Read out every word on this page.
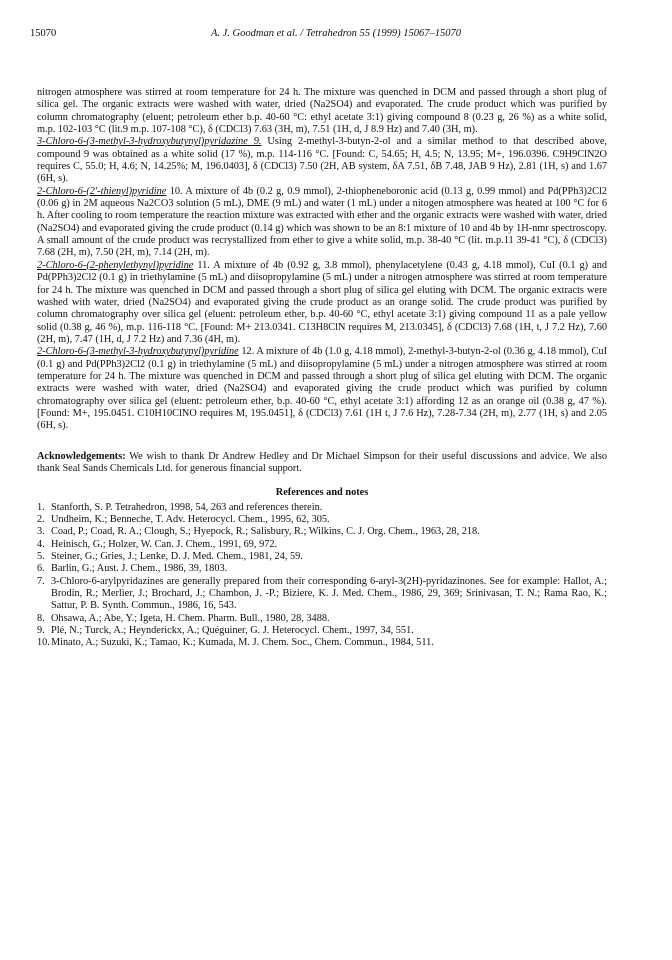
15070	A. J. Goodman et al. / Tetrahedron 55 (1999) 15067–15070

nitrogen atmosphere was stirred at room temperature for 24 h. The mixture was quenched in DCM and passed through a short plug of silica gel. The organic extracts were washed with water, dried (Na2SO4) and evaporated. The crude product which was purified by column chromatography (eluent; petroleum ether b.p. 40-60 °C: ethyl acetate 3:1) giving compound 8 (0.23 g, 26 %) as a white solid, m.p. 102-103 °C (lit.9 m.p. 107-108 °C), δ (CDCl3) 7.63 (3H, m), 7.51 (1H, d, J 8.9 Hz) and 7.40 (3H, m).

3-Chloro-6-(3-methyl-3-hydroxybutynyl)pyridazine 9. Using 2-methyl-3-butyn-2-ol and a similar method to that described above, compound 9 was obtained as a white solid (17 %), m.p. 114-116 °C. [Found: C, 54.65; H, 4.5; N, 13.95; M+, 196.0396. C9H9ClN2O requires C, 55.0; H, 4.6; N, 14.25%; M, 196.0403], δ (CDCl3) 7.50 (2H, AB system, δA 7.51, δB 7.48, JAB 9 Hz), 2.81 (1H, s) and 1.67 (6H, s).

2-Chloro-6-(2'-thienyl)pyridine 10. A mixture of 4b (0.2 g, 0.9 mmol), 2-thiopheneboronic acid (0.13 g, 0.99 mmol) and Pd(PPh3)2Cl2 (0.06 g) in 2M aqueous Na2CO3 solution (5 mL), DME (9 mL) and water (1 mL) under a nitogen atmosphere was heated at 100 °C for 6 h. After cooling to room temperature the reaction mixture was extracted with ether and the organic extracts were washed with water, dried (Na2SO4) and evaporated giving the crude product (0.14 g) which was shown to be an 8:1 mixture of 10 and 4b by 1H-nmr spectroscopy. A small amount of the crude product was recrystallized from ether to give a white solid, m.p. 38-40 °C (lit. m.p.11 39-41 °C), δ (CDCl3) 7.68 (2H, m), 7.50 (2H, m), 7.14 (2H, m).

2-Chloro-6-(2-phenylethynyl)pyridine 11. A mixture of 4b (0.92 g, 3.8 mmol), phenylacetylene (0.43 g, 4.18 mmol), CuI (0.1 g) and Pd(PPh3)2Cl2 (0.1 g) in triethylamine (5 mL) and diisopropylamine (5 mL) under a nitrogen atmosphere was stirred at room temperature for 24 h. The mixture was quenched in DCM and passed through a short plug of silica gel eluting with DCM. The organic extracts were washed with water, dried (Na2SO4) and evaporated giving the crude product as an orange solid. The crude product was purified by column chromatography over silica gel (eluent: petroleum ether, b.p. 40-60 °C, ethyl acetate 3:1) giving compound 11 as a pale yellow solid (0.38 g, 46 %), m.p. 116-118 °C. [Found: M+ 213.0341. C13H8ClN requires M, 213.0345], δ (CDCl3) 7.68 (1H, t, J 7.2 Hz), 7.60 (2H, m), 7.47 (1H, d, J 7.2 Hz) and 7.36 (4H, m).

2-Chloro-6-(3-methyl-3-hydroxybutynyl)pyridine 12. A mixture of 4b (1.0 g, 4.18 mmol), 2-methyl-3-butyn-2-ol (0.36 g, 4.18 mmol), CuI (0.1 g) and Pd(PPh3)2Cl2 (0.1 g) in triethylamine (5 mL) and diisopropylamine (5 mL) under a nitrogen atmosphere was stirred at room temperature for 24 h. The mixture was quenched in DCM and passed through a short plug of silica gel eluting with DCM. The organic extracts were washed with water, dried (Na2SO4) and evaporated giving the crude product which was purified by column chromatography over silica gel (eluent: petroleum ether, b.p. 40-60 °C, ethyl acetate 3:1) affording 12 as an orange oil (0.38 g, 47 %). [Found: M+, 195.0451. C10H10ClNO requires M, 195.0451], δ (CDCl3) 7.61 (1H t, J 7.6 Hz), 7.28-7.34 (2H, m), 2.77 (1H, s) and 2.05 (6H, s).

Acknowledgements: We wish to thank Dr Andrew Hedley and Dr Michael Simpson for their useful discussions and advice. We also thank Seal Sands Chemicals Ltd. for generous financial support.

References and notes
1. Stanforth, S. P. Tetrahedron, 1998, 54, 263 and references therein.
2. Undheim, K.; Benneche, T. Adv. Heterocycl. Chem., 1995, 62, 305.
3. Coad, P.; Coad, R. A.; Clough, S.; Hyepock, R.; Salisbury, R.; Wilkins, C. J. Org. Chem., 1963, 28, 218.
4. Heinisch, G.; Holzer, W. Can. J. Chem., 1991, 69, 972.
5. Steiner, G.; Gries, J.; Lenke, D. J. Med. Chem., 1981, 24, 59.
6. Barlin, G.; Aust. J. Chem., 1986, 39, 1803.
7. 3-Chloro-6-arylpyridazines are generally prepared from their corresponding 6-aryl-3(2H)-pyridazinones. See for example: Hallot, A.; Brodin, R.; Merlier, J.; Brochard, J.; Chambon, J. -P.; Biziere, K. J. Med. Chem., 1986, 29, 369; Srinivasan, T. N.; Rama Rao, K.; Sattur, P. B. Synth. Commun., 1986, 16, 543.
8. Ohsawa, A.; Abe, Y.; Igeta, H. Chem. Pharm. Bull., 1980, 28, 3488.
9. Plé, N.; Turck, A.; Heynderickx, A.; Quéguiner, G. J. Heterocycl. Chem., 1997, 34, 551.
10. Minato, A.; Suzuki, K.; Tamao, K.; Kumada, M. J. Chem. Soc., Chem. Commun., 1984, 511.
